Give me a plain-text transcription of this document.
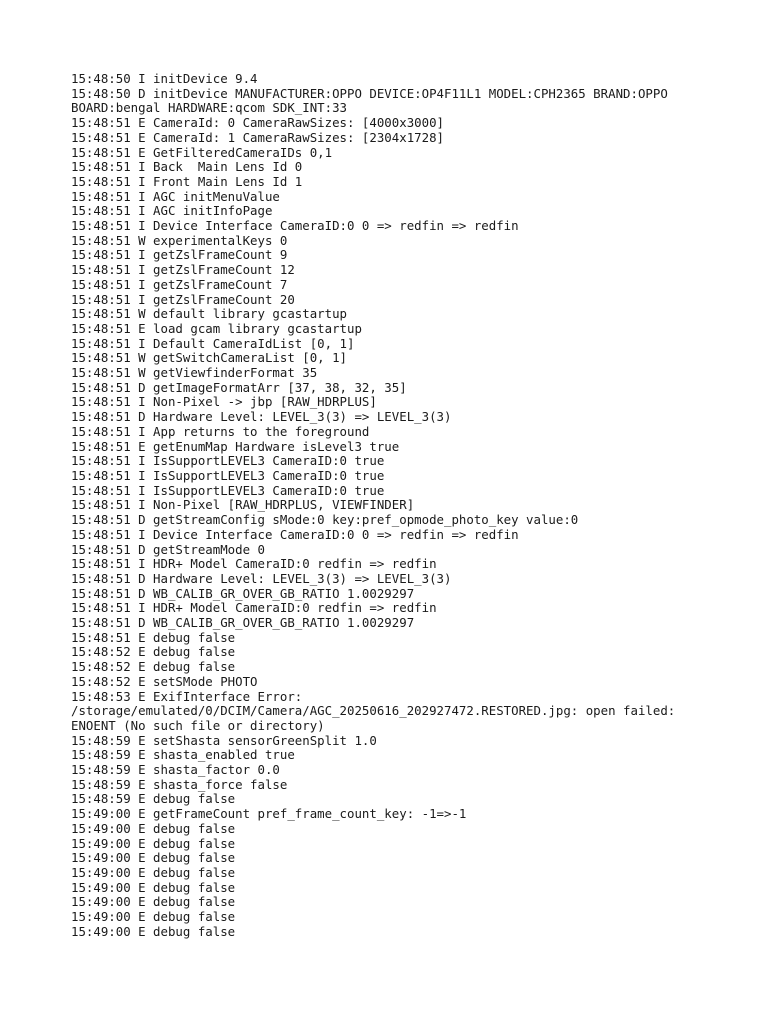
15:48:50 I initDevice 9.4
15:48:50 D initDevice MANUFACTURER:OPPO DEVICE:OP4F11L1 MODEL:CPH2365 BRAND:OPPO
BOARD:bengal HARDWARE:qcom SDK_INT:33
15:48:51 E CameraId: 0 CameraRawSizes: [4000x3000]
15:48:51 E CameraId: 1 CameraRawSizes: [2304x1728]
15:48:51 E GetFilteredCameraIDs 0,1
15:48:51 I Back  Main Lens Id 0
15:48:51 I Front Main Lens Id 1
15:48:51 I AGC initMenuValue
15:48:51 I AGC initInfoPage
15:48:51 I Device Interface CameraID:0 0 => redfin => redfin
15:48:51 W experimentalKeys 0
15:48:51 I getZslFrameCount 9
15:48:51 I getZslFrameCount 12
15:48:51 I getZslFrameCount 7
15:48:51 I getZslFrameCount 20
15:48:51 W default library gcastartup
15:48:51 E load gcam library gcastartup
15:48:51 I Default CameraIdList [0, 1]
15:48:51 W getSwitchCameraList [0, 1]
15:48:51 W getViewfinderFormat 35
15:48:51 D getImageFormatArr [37, 38, 32, 35]
15:48:51 I Non-Pixel -> jbp [RAW_HDRPLUS]
15:48:51 D Hardware Level: LEVEL_3(3) => LEVEL_3(3)
15:48:51 I App returns to the foreground
15:48:51 E getEnumMap Hardware isLevel3 true
15:48:51 I IsSupportLEVEL3 CameraID:0 true
15:48:51 I IsSupportLEVEL3 CameraID:0 true
15:48:51 I IsSupportLEVEL3 CameraID:0 true
15:48:51 I Non-Pixel [RAW_HDRPLUS, VIEWFINDER]
15:48:51 D getStreamConfig sMode:0 key:pref_opmode_photo_key value:0
15:48:51 I Device Interface CameraID:0 0 => redfin => redfin
15:48:51 D getStreamMode 0
15:48:51 I HDR+ Model CameraID:0 redfin => redfin
15:48:51 D Hardware Level: LEVEL_3(3) => LEVEL_3(3)
15:48:51 D WB_CALIB_GR_OVER_GB_RATIO 1.0029297
15:48:51 I HDR+ Model CameraID:0 redfin => redfin
15:48:51 D WB_CALIB_GR_OVER_GB_RATIO 1.0029297
15:48:51 E debug false
15:48:52 E debug false
15:48:52 E debug false
15:48:52 E setSMode PHOTO
15:48:53 E ExifInterface Error:
/storage/emulated/0/DCIM/Camera/AGC_20250616_202927472.RESTORED.jpg: open failed:
ENOENT (No such file or directory)
15:48:59 E setShasta sensorGreenSplit 1.0
15:48:59 E shasta_enabled true
15:48:59 E shasta_factor 0.0
15:48:59 E shasta_force false
15:48:59 E debug false
15:49:00 E getFrameCount pref_frame_count_key: -1=>-1
15:49:00 E debug false
15:49:00 E debug false
15:49:00 E debug false
15:49:00 E debug false
15:49:00 E debug false
15:49:00 E debug false
15:49:00 E debug false
15:49:00 E debug false
